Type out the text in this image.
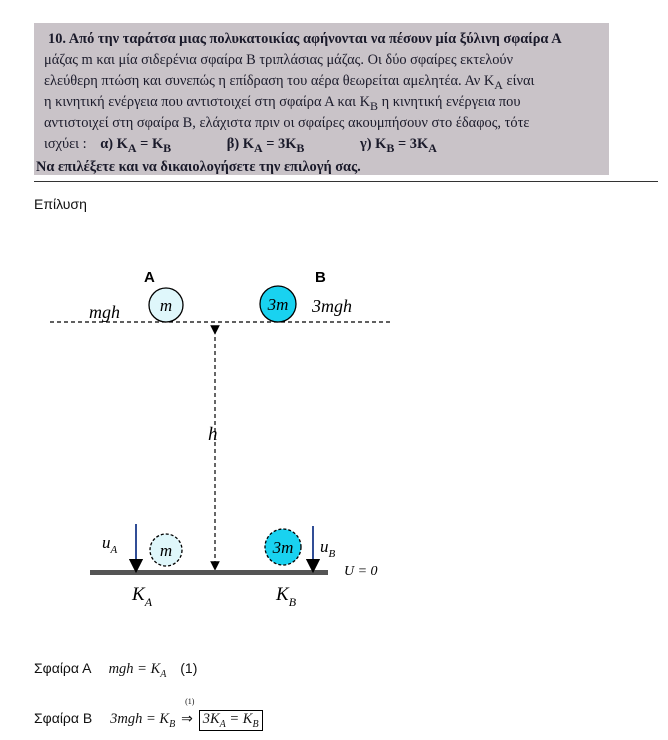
10. Από την ταράτσα μιας πολυκατοικίας αφήνονται να πέσουν μία ξύλινη σφαίρα Α
μάζας m και μία σιδερένια σφαίρα Β τριπλάσιας μάζας. Οι δύο σφαίρες εκτελούν
ελεύθερη πτώση και συνεπώς η επίδραση του αέρα θεωρείται αμελητέα. Αν $K_A$ είναι
η κινητική ενέργεια που αντιστοιχεί στη σφαίρα Α και $K_B$ η κινητική ενέργεια που
αντιστοιχεί στη σφαίρα Β, ελάχιστα πριν οι σφαίρες ακουμπήσουν στο έδαφος, τότε
ισχύει : α) $K_A = K_B$	β) $K_A = 3K_B$	γ) $K_B = 3K_A$
Να επιλέξετε και να δικαιολογήσετε την επιλογή σας.
Επίλυση
A	B
mgh	3mgh
m	3m
h
$u_A$	m	3m $u_B$
U = 0
$K_A$	$K_B$
Σφαίρα Α mgh = $K_A$ (1)
Σφαίρα Β $3mgh = K_B$
(1)
⇒ $3K_A = K_B$
